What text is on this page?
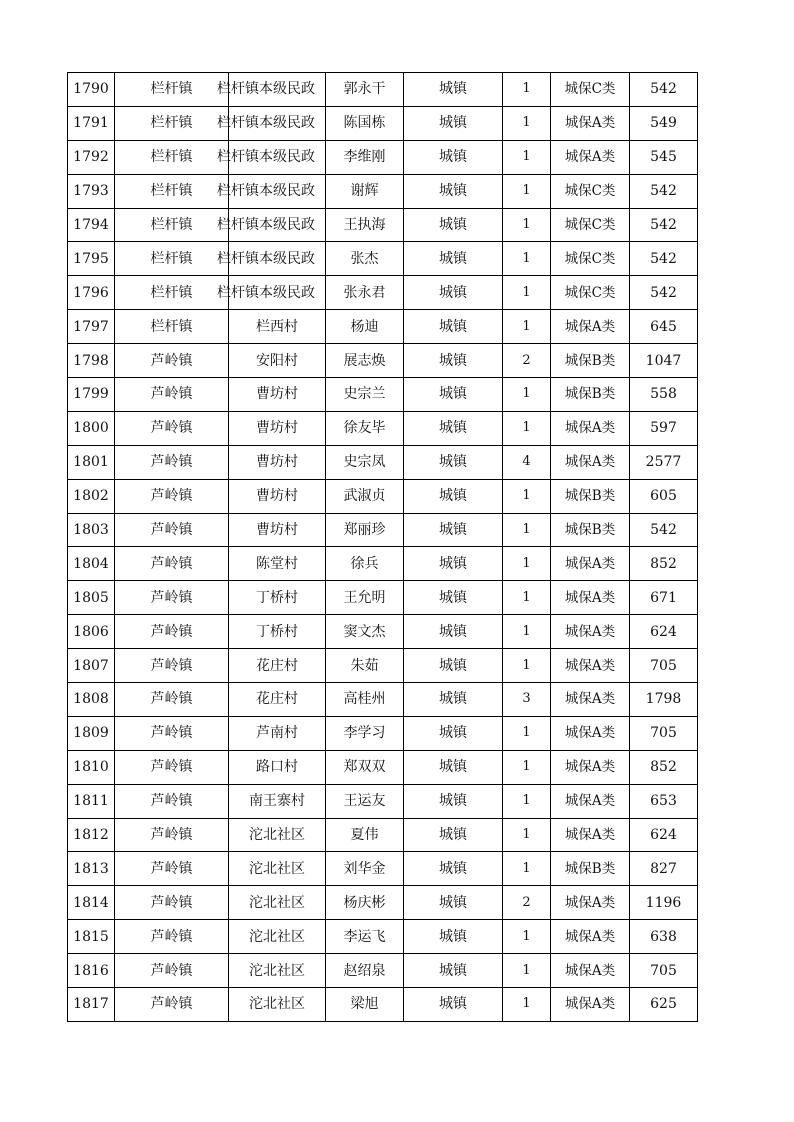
1790	栏杆镇	栏杆镇本级民政	郭永干	城镇	1	城保C类	542
1791	栏杆镇	栏杆镇本级民政	陈国栋	城镇	1	城保A类	549
1792	栏杆镇	栏杆镇本级民政	李维刚	城镇	1	城保A类	545
1793	栏杆镇	栏杆镇本级民政	谢辉	城镇	1	城保C类	542
1794	栏杆镇	栏杆镇本级民政	王执海	城镇	1	城保C类	542
1795	栏杆镇	栏杆镇本级民政	张杰	城镇	1	城保C类	542
1796	栏杆镇	栏杆镇本级民政	张永君	城镇	1	城保C类	542
1797	栏杆镇	栏西村	杨迪	城镇	1	城保A类	645
1798	芦岭镇	安阳村	展志焕	城镇	2	城保B类	1047
1799	芦岭镇	曹坊村	史宗兰	城镇	1	城保B类	558
1800	芦岭镇	曹坊村	徐友毕	城镇	1	城保A类	597
1801	芦岭镇	曹坊村	史宗凤	城镇	4	城保A类	2577
1802	芦岭镇	曹坊村	武淑贞	城镇	1	城保B类	605
1803	芦岭镇	曹坊村	郑丽珍	城镇	1	城保B类	542
1804	芦岭镇	陈堂村	徐兵	城镇	1	城保A类	852
1805	芦岭镇	丁桥村	王允明	城镇	1	城保A类	671
1806	芦岭镇	丁桥村	窦文杰	城镇	1	城保A类	624
1807	芦岭镇	花庄村	朱茹	城镇	1	城保A类	705
1808	芦岭镇	花庄村	高桂州	城镇	3	城保A类	1798
1809	芦岭镇	芦南村	李学习	城镇	1	城保A类	705
1810	芦岭镇	路口村	郑双双	城镇	1	城保A类	852
1811	芦岭镇	南王寨村	王运友	城镇	1	城保A类	653
1812	芦岭镇	沱北社区	夏伟	城镇	1	城保A类	624
1813	芦岭镇	沱北社区	刘华金	城镇	1	城保B类	827
1814	芦岭镇	沱北社区	杨庆彬	城镇	2	城保A类	1196
1815	芦岭镇	沱北社区	李运飞	城镇	1	城保A类	638
1816	芦岭镇	沱北社区	赵绍泉	城镇	1	城保A类	705
1817	芦岭镇	沱北社区	梁旭	城镇	1	城保A类	625
